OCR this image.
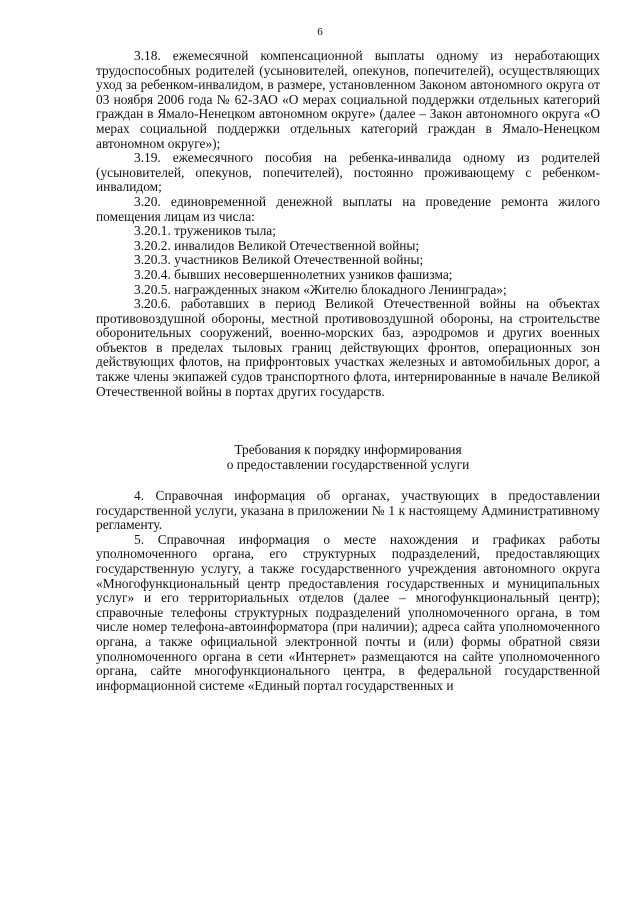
6

3.18. ежемесячной компенсационной выплаты одному из неработающих трудоспособных родителей (усыновителей, опекунов, попечителей), осуществляющих уход за ребенком-инвалидом, в размере, установленном Законом автономного округа от 03 ноября 2006 года № 62-ЗАО «О мерах социальной поддержки отдельных категорий граждан в Ямало-Ненецком автономном округе» (далее – Закон автономного округа «О мерах социальной поддержки отдельных категорий граждан в Ямало-Ненецком автономном округе»);

3.19. ежемесячного пособия на ребенка-инвалида одному из родителей (усыновителей, опекунов, попечителей), постоянно проживающему с ребенком-инвалидом;

3.20. единовременной денежной выплаты на проведение ремонта жилого помещения лицам из числа:

3.20.1. тружеников тыла;

3.20.2. инвалидов Великой Отечественной войны;

3.20.3. участников Великой Отечественной войны;

3.20.4. бывших несовершеннолетних узников фашизма;

3.20.5. награжденных знаком «Жителю блокадного Ленинграда»;

3.20.6. работавших в период Великой Отечественной войны на объектах противовоздушной обороны, местной противовоздушной обороны, на строительстве оборонительных сооружений, военно-морских баз, аэродромов и других военных объектов в пределах тыловых границ действующих фронтов, операционных зон действующих флотов, на прифронтовых участках железных и автомобильных дорог, а также члены экипажей судов транспортного флота, интернированные в начале Великой Отечественной войны в портах других государств.

Требования к порядку информирования
о предоставлении государственной услуги

4. Справочная информация об органах, участвующих в предоставлении государственной услуги, указана в приложении № 1 к настоящему Административному регламенту.

5. Справочная информация о месте нахождения и графиках работы уполномоченного органа, его структурных подразделений, предоставляющих государственную услугу, а также государственного учреждения автономного округа «Многофункциональный центр предоставления государственных и муниципальных услуг» и его территориальных отделов (далее – многофункциональный центр); справочные телефоны структурных подразделений уполномоченного органа, в том числе номер телефона-автоинформатора (при наличии); адреса сайта уполномоченного органа, а также официальной электронной почты и (или) формы обратной связи уполномоченного органа в сети «Интернет» размещаются на сайте уполномоченного органа, сайте многофункционального центра, в федеральной государственной информационной системе «Единый портал государственных и
